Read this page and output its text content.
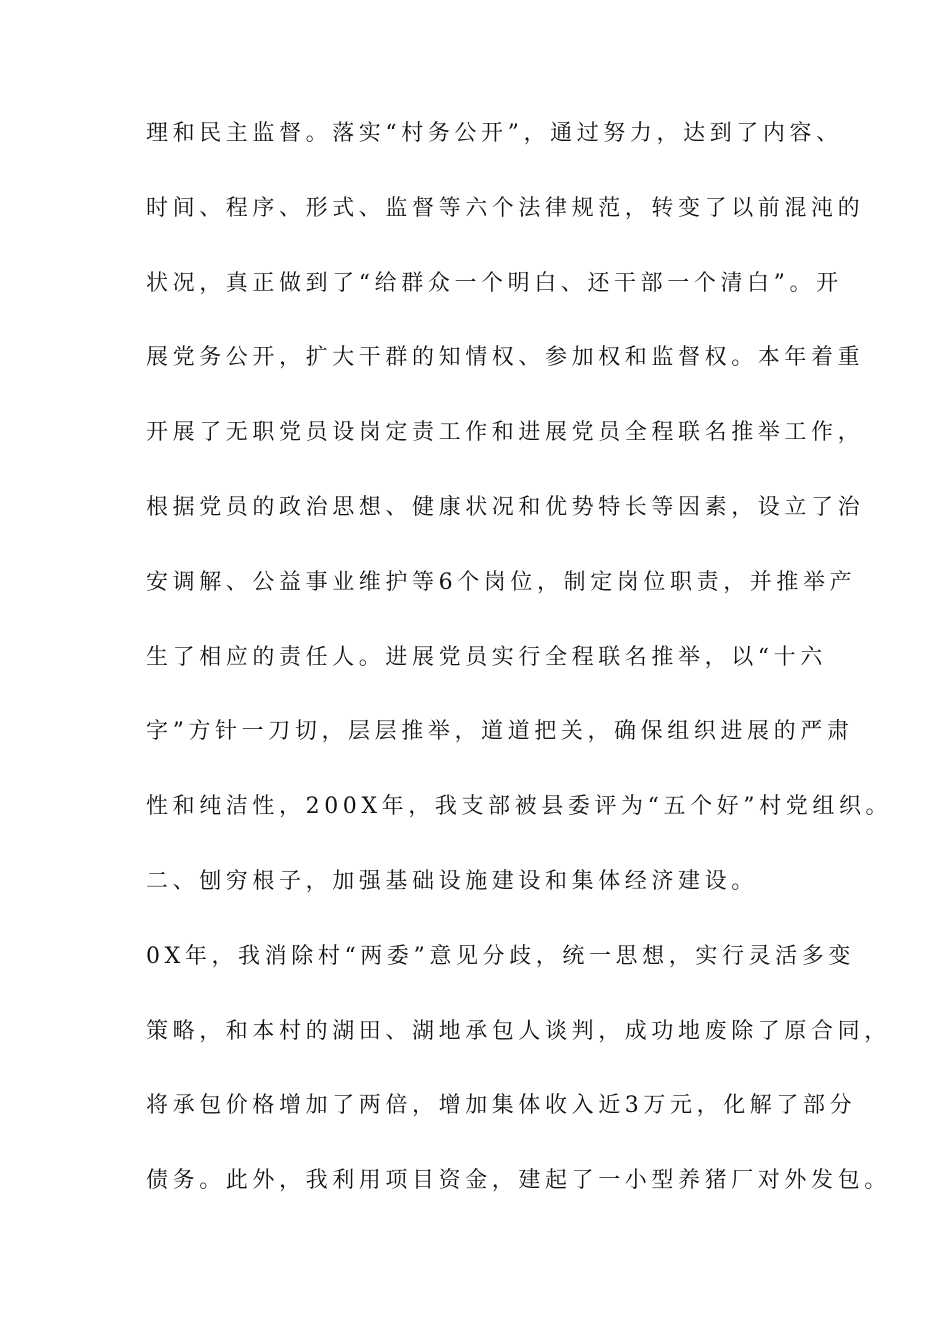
理和民主监督。落实“村务公开”，通过努力，达到了内容、
时间、程序、形式、监督等六个法律规范，转变了以前混沌的
状况，真正做到了“给群众一个明白、还干部一个清白”。开
展党务公开，扩大干群的知情权、参加权和监督权。本年着重
开展了无职党员设岗定责工作和进展党员全程联名推举工作，
根据党员的政治思想、健康状况和优势特长等因素，设立了治
安调解、公益事业维护等6个岗位，制定岗位职责，并推举产
生了相应的责任人。进展党员实行全程联名推举，以“十六
字”方针一刀切，层层推举，道道把关，确保组织进展的严肃
性和纯洁性，200X年，我支部被县委评为“五个好”村党组织。
二、刨穷根子，加强基础设施建设和集体经济建设。
0X年，我消除村“两委”意见分歧，统一思想，实行灵活多变
策略，和本村的湖田、湖地承包人谈判，成功地废除了原合同，
将承包价格增加了两倍，增加集体收入近3万元，化解了部分
债务。此外，我利用项目资金，建起了一小型养猪厂对外发包。
